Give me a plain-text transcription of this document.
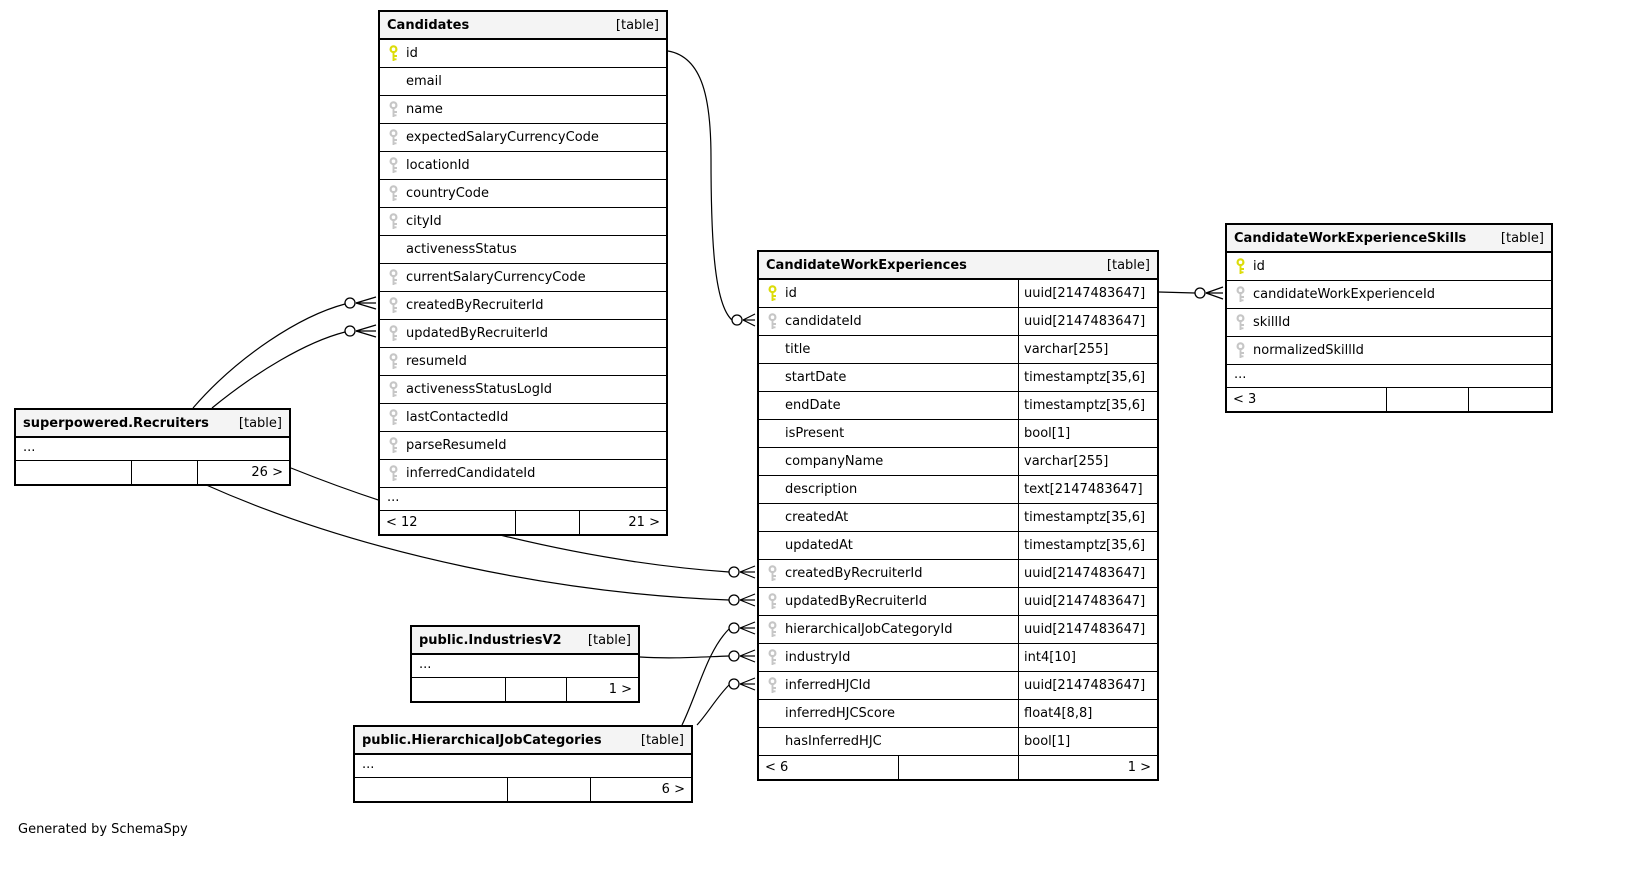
Candidates	[table]
id
email
name
expectedSalaryCurrencyCode
locationId
countryCode
cityId
activenessStatus
currentSalaryCurrencyCode
createdByRecruiterId
updatedByRecruiterId
resumeId
activenessStatusLogId
lastContactedId
parseResumeId
inferredCandidateId
...
< 12	21 >
CandidateWorkExperiences	[table]
id	uuid[2147483647]
candidateId	uuid[2147483647]
title	varchar[255]
startDate	timestamptz[35,6]
endDate	timestamptz[35,6]
isPresent	bool[1]
companyName	varchar[255]
description	text[2147483647]
createdAt	timestamptz[35,6]
updatedAt	timestamptz[35,6]
createdByRecruiterId	uuid[2147483647]
updatedByRecruiterId	uuid[2147483647]
hierarchicalJobCategoryId	uuid[2147483647]
industryId	int4[10]
inferredHJCId	uuid[2147483647]
inferredHJCScore	float4[8,8]
hasInferredHJC	bool[1]
< 6	1 >
CandidateWorkExperienceSkills	[table]
id
candidateWorkExperienceId
skillId
normalizedSkillId
...
< 3
superpowered.Recruiters [table]
...
26 >
public.IndustriesV2 [table]
...
1 >
public.HierarchicalJobCategories	[table]
...
6 >
Generated by SchemaSpy
